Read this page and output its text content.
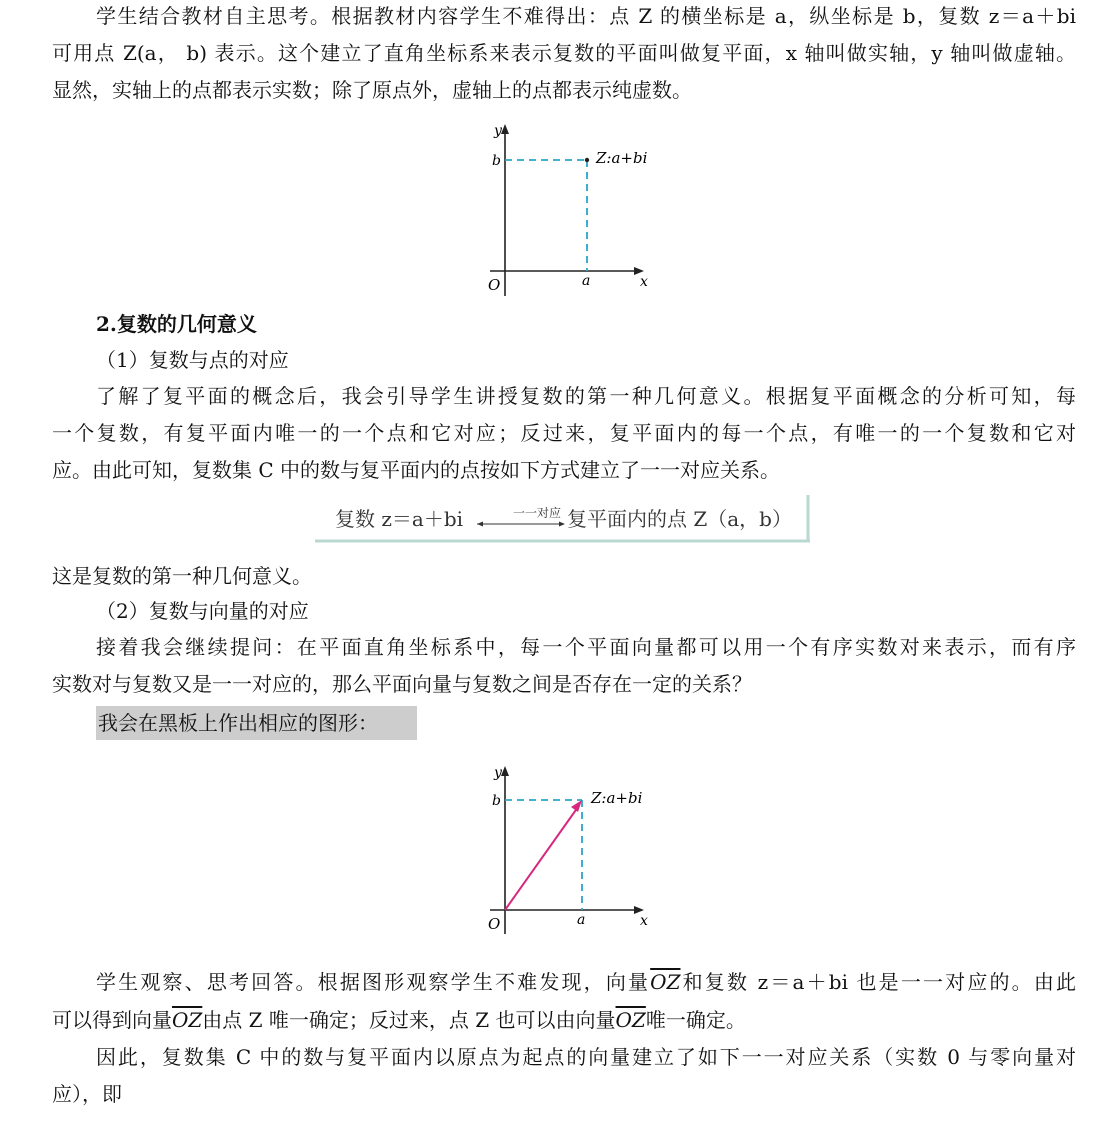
学生结合教材自主思考。根据教材内容学生不难得出：点 Z 的横坐标是 a，纵坐标是 b，复数 z＝a＋bi
可用点 Z(a， b) 表示。这个建立了直角坐标系来表示复数的平面叫做复平面，x 轴叫做实轴，y 轴叫做虚轴。
显然，实轴上的点都表示实数；除了原点外，虚轴上的点都表示纯虚数。
y
x
O
b
a
Z:a+bi
2.复数的几何意义
（1）复数与点的对应
了解了复平面的概念后，我会引导学生讲授复数的第一种几何意义。根据复平面概念的分析可知，每
一个复数，有复平面内唯一的一个点和它对应；反过来，复平面内的每一个点，有唯一的一个复数和它对
应。由此可知，复数集 C 中的数与复平面内的点按如下方式建立了一一对应关系。
复数 z＝a＋bi	一一对应 复平面内的点 Z（a，b）
这是复数的第一种几何意义。
（2）复数与向量的对应
接着我会继续提问：在平面直角坐标系中，每一个平面向量都可以用一个有序实数对来表示，而有序
实数对与复数又是一一对应的，那么平面向量与复数之间是否存在一定的关系？
我会在黑板上作出相应的图形：
y
x
O
b
a
Z:a+bi
学生观察、思考回答。根据图形观察学生不难发现，向量$\overline{OZ}$和复数 z＝a＋bi 也是一一对应的。由此
可以得到向量$\overline{OZ}$由点 Z 唯一确定；反过来，点 Z 也可以由向量$\overline{OZ}$唯一确定。
因此，复数集 C 中的数与复平面内以原点为起点的向量建立了如下一一对应关系（实数 0 与零向量对
应），即
